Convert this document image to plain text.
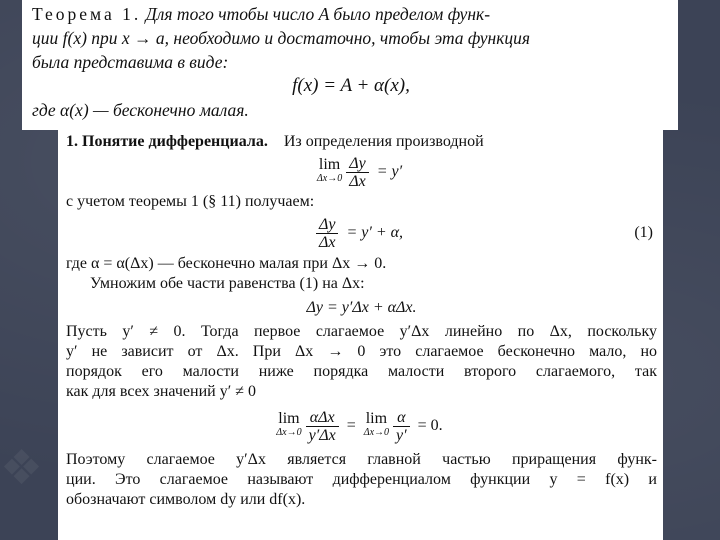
❖
Теорема 1. Для того чтобы число A было пределом функ-
ции f(x) при x → a, необходимо и достаточно, чтобы эта функция
была представима в виде:
f(x) = A + α(x),
где α(x) — бесконечно малая.
1. Понятие дифференциала. Из определения производной
lim
Δx→0
$\frac{\Delta y}{\Delta x} = y'$
с учетом теоремы 1 (§ 11) получаем:
$\frac{\Delta y}{\Delta x} = y' + \alpha$,	(1)
где α = α(Δx) — бесконечно малая при Δx → 0.
Умножим обе части равенства (1) на Δx:
Δy = y′Δx + αΔx.
Пусть y′ ≠ 0. Тогда первое слагаемое y′Δx линейно по Δx, поскольку
y′ не зависит от Δx. При Δx → 0 это слагаемое бесконечно мало, но
порядок его малости ниже порядка малости второго слагаемого, так
как для всех значений y′ ≠ 0
lim
Δx→0
$\frac{\text{αΔx}}{y'\Delta x} = \lim$
Δx→0
$\frac{\alpha}{y'} = 0$.
Поэтому слагаемое y′Δx является главной частью приращения функ-
ции. Это слагаемое называют дифференциалом функции y = f(x) и
обозначают символом dy или df(x).
